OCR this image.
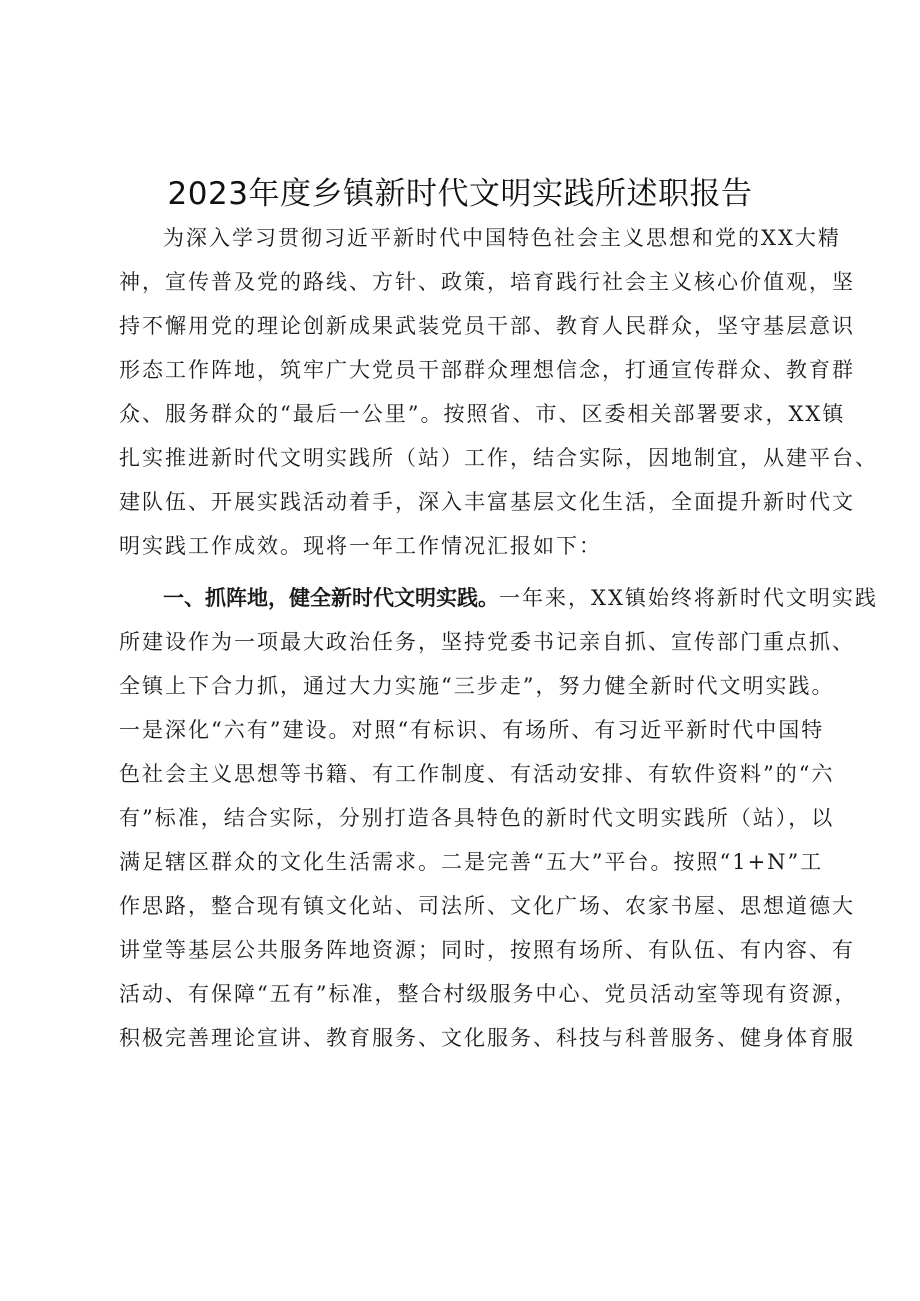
2023年度乡镇新时代文明实践所述职报告
为深入学习贯彻习近平新时代中国特色社会主义思想和党的XX大精
神，宣传普及党的路线、方针、政策，培育践行社会主义核心价值观，坚
持不懈用党的理论创新成果武装党员干部、教育人民群众，坚守基层意识
形态工作阵地，筑牢广大党员干部群众理想信念，打通宣传群众、教育群
众、服务群众的“最后一公里”。按照省、市、区委相关部署要求，XX镇
扎实推进新时代文明实践所（站）工作，结合实际，因地制宜，从建平台、
建队伍、开展实践活动着手，深入丰富基层文化生活，全面提升新时代文
明实践工作成效。现将一年工作情况汇报如下：
一、抓阵地，健全新时代文明实践。一年来，XX镇始终将新时代文明实践
所建设作为一项最大政治任务，坚持党委书记亲自抓、宣传部门重点抓、
全镇上下合力抓，通过大力实施“三步走”，努力健全新时代文明实践。
一是深化“六有”建设。对照“有标识、有场所、有习近平新时代中国特
色社会主义思想等书籍、有工作制度、有活动安排、有软件资料”的“六
有”标准，结合实际，分别打造各具特色的新时代文明实践所（站），以
满足辖区群众的文化生活需求。二是完善“五大”平台。按照“1+N”工
作思路，整合现有镇文化站、司法所、文化广场、农家书屋、思想道德大
讲堂等基层公共服务阵地资源；同时，按照有场所、有队伍、有内容、有
活动、有保障“五有”标准，整合村级服务中心、党员活动室等现有资源，
积极完善理论宣讲、教育服务、文化服务、科技与科普服务、健身体育服
